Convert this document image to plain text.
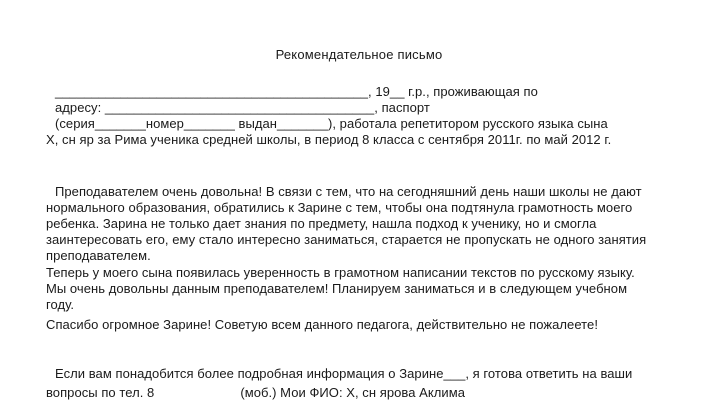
Рекомендательное письмо
___________________________________________, 19__ г.р., проживающая по
адресу: _____________________________________, паспорт
(серия_______номер_______ выдан_______), работала репетитором русского языка сына
Х, сн яр за Рима ученика средней школы, в период 8 класса с сентября 2011г. по май 2012 г.
Преподавателем очень довольна! В связи с тем, что на сегодняшний день наши школы не дают
нормального образования, обратились к Зарине с тем, чтобы она подтянула грамотность моего
ребенка. Зарина не только дает знания по предмету, нашла подход к ученику, но и смогла
заинтересовать его, ему стало интересно заниматься, старается не пропускать не одного занятия
преподавателем.
Теперь у моего сына появилась уверенность в грамотном написании текстов по русскому языку.
Мы очень довольны данным преподавателем! Планируем заниматься и в следующем учебном
году.
Спасибо огромное Зарине! Советую всем данного педагога, действительно не пожалеете!
Если вам понадобится более подробная информация о Зарине___, я готова ответить на ваши
вопросы по тел. 8	(моб.) Мои ФИО: Х, сн ярова Аклима
